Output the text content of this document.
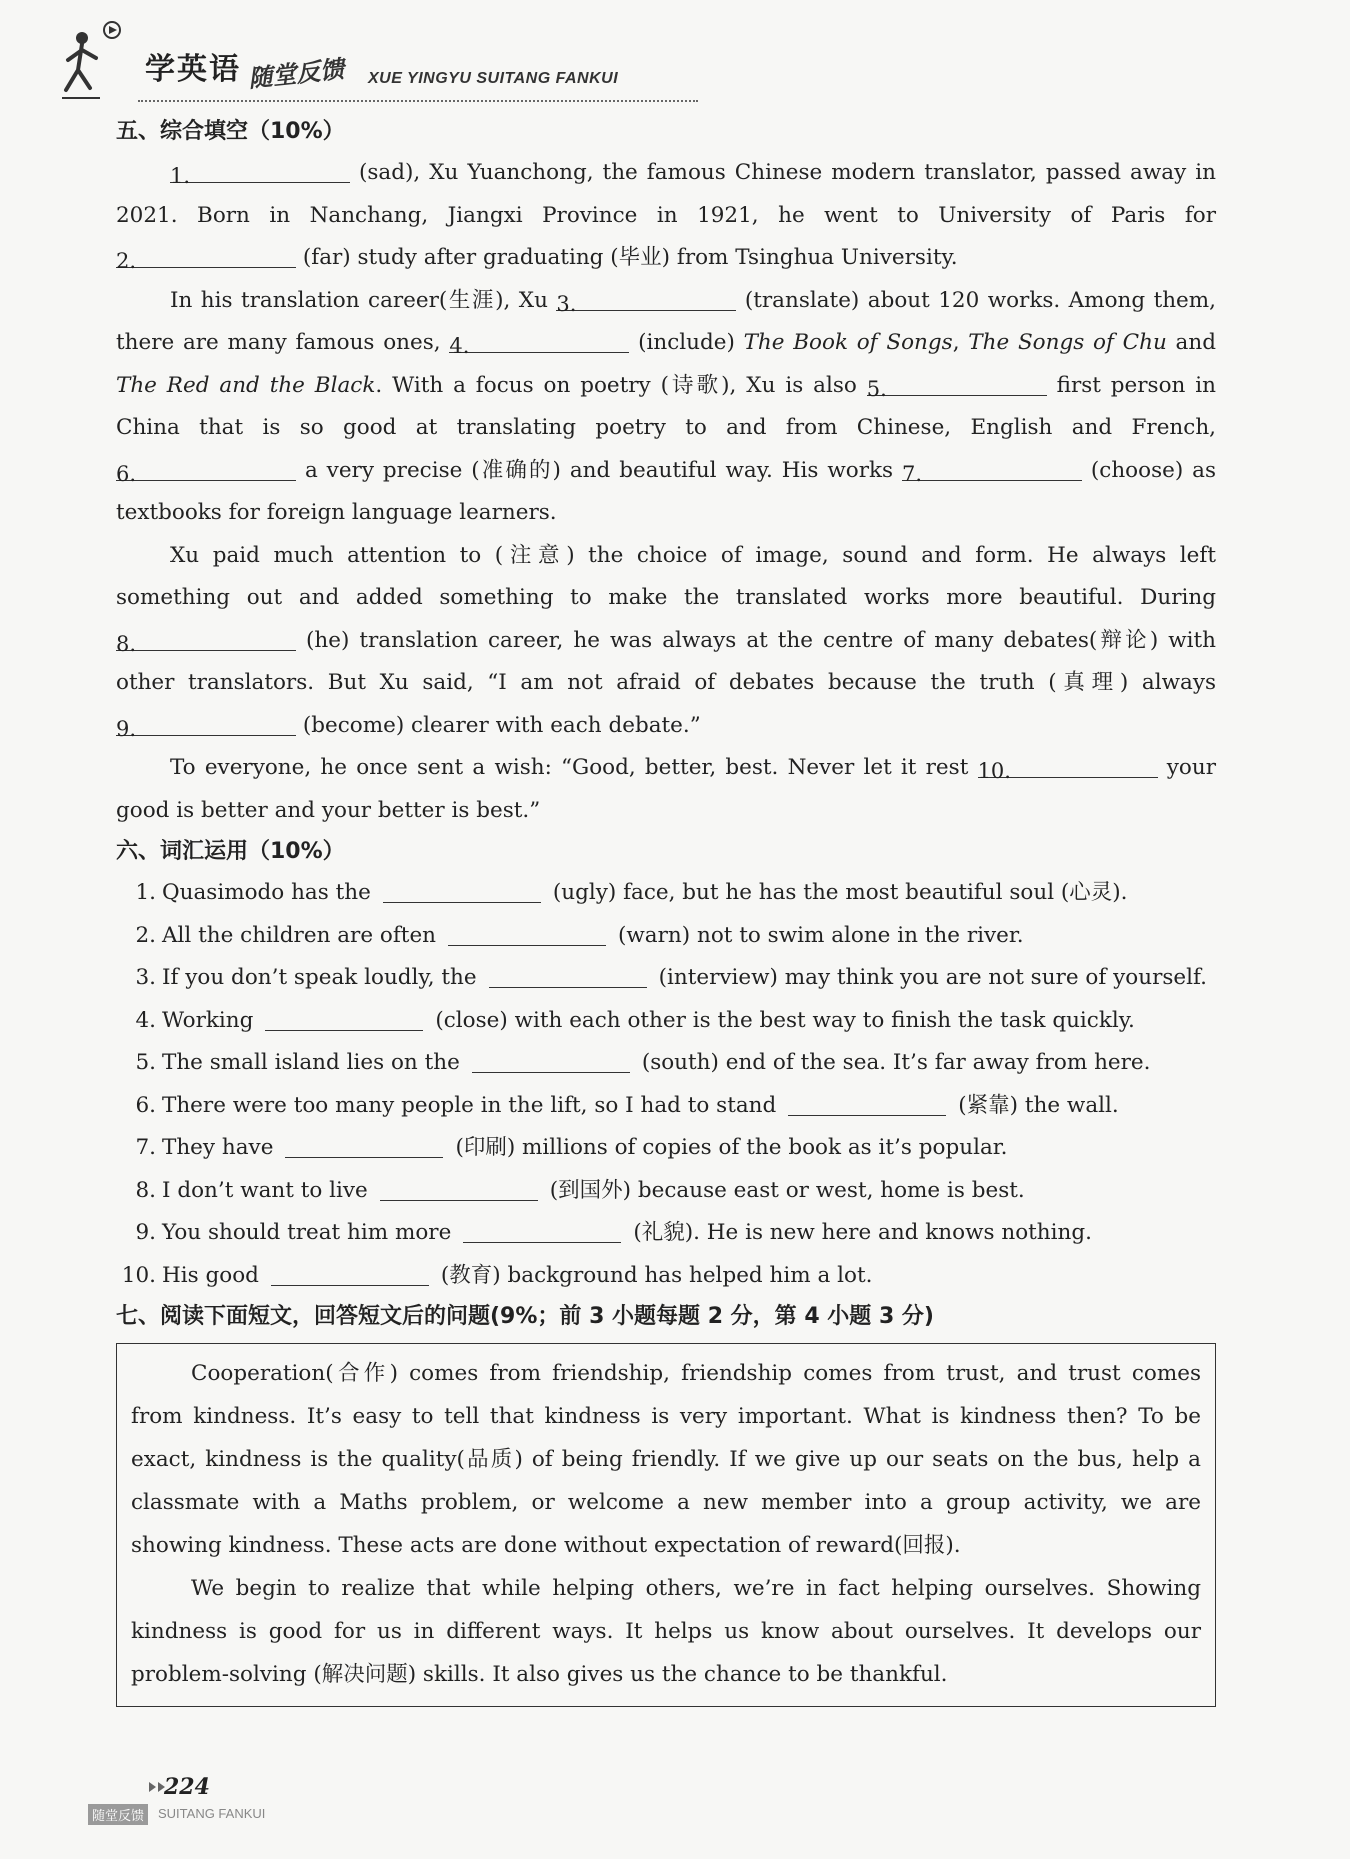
学英语 随堂反馈 XUE YINGYU SUITANG FANKUI
五、综合填空（10%）

1.	(sad), Xu Yuanchong, the famous Chinese modern translator, passed away in 2021. Born in Nanchang, Jiangxi Province in 1921, he went to University of Paris for 2.	(far) study after graduating (毕业) from Tsinghua University.

In his translation career(生涯), Xu 3.	(translate) about 120 works. Among them, there are many famous ones, 4.	(include) The Book of Songs, The Songs of Chu and The Red and the Black. With a focus on poetry (诗歌), Xu is also 5.	first person in China that is so good at translating poetry to and from Chinese, English and French, 6.	a very precise (准确的) and beautiful way. His works 7.	(choose) as textbooks for foreign language learners.

Xu paid much attention to (注意) the choice of image, sound and form. He always left something out and added something to make the translated works more beautiful. During 8.	(he) translation career, he was always at the centre of many debates(辩论) with other translators. But Xu said, “I am not afraid of debates because the truth (真理) always 9.	(become) clearer with each debate.”

To everyone, he once sent a wish: “Good, better, best. Never let it rest 10.	your good is better and your better is best.”

六、词汇运用（10%）
1. Quasimodo has the	(ugly) face, but he has the most beautiful soul (心灵).
2. All the children are often	(warn) not to swim alone in the river.
3. If you don’t speak loudly, the	(interview) may think you are not sure of yourself.
4. Working	(close) with each other is the best way to finish the task quickly.
5. The small island lies on the	(south) end of the sea. It’s far away from here.
6. There were too many people in the lift, so I had to stand	(紧靠) the wall.
7. They have	(印刷) millions of copies of the book as it’s popular.
8. I don’t want to live	(到国外) because east or west, home is best.
9. You should treat him more	(礼貌). He is new here and knows nothing.
10. His good	(教育) background has helped him a lot.
七、阅读下面短文，回答短文后的问题(9%；前 3 小题每题 2 分，第 4 小题 3 分)

Cooperation(合作) comes from friendship, friendship comes from trust, and trust comes from kindness. It’s easy to tell that kindness is very important. What is kindness then? To be exact, kindness is the quality(品质) of being friendly. If we give up our seats on the bus, help a classmate with a Maths problem, or welcome a new member into a group activity, we are showing kindness. These acts are done without expectation of reward(回报).

We begin to realize that while helping others, we’re in fact helping ourselves. Showing kindness is good for us in different ways. It helps us know about ourselves. It develops our problem-solving (解决问题) skills. It also gives us the chance to be thankful.

224
随堂反馈	SUITANG FANKUI
